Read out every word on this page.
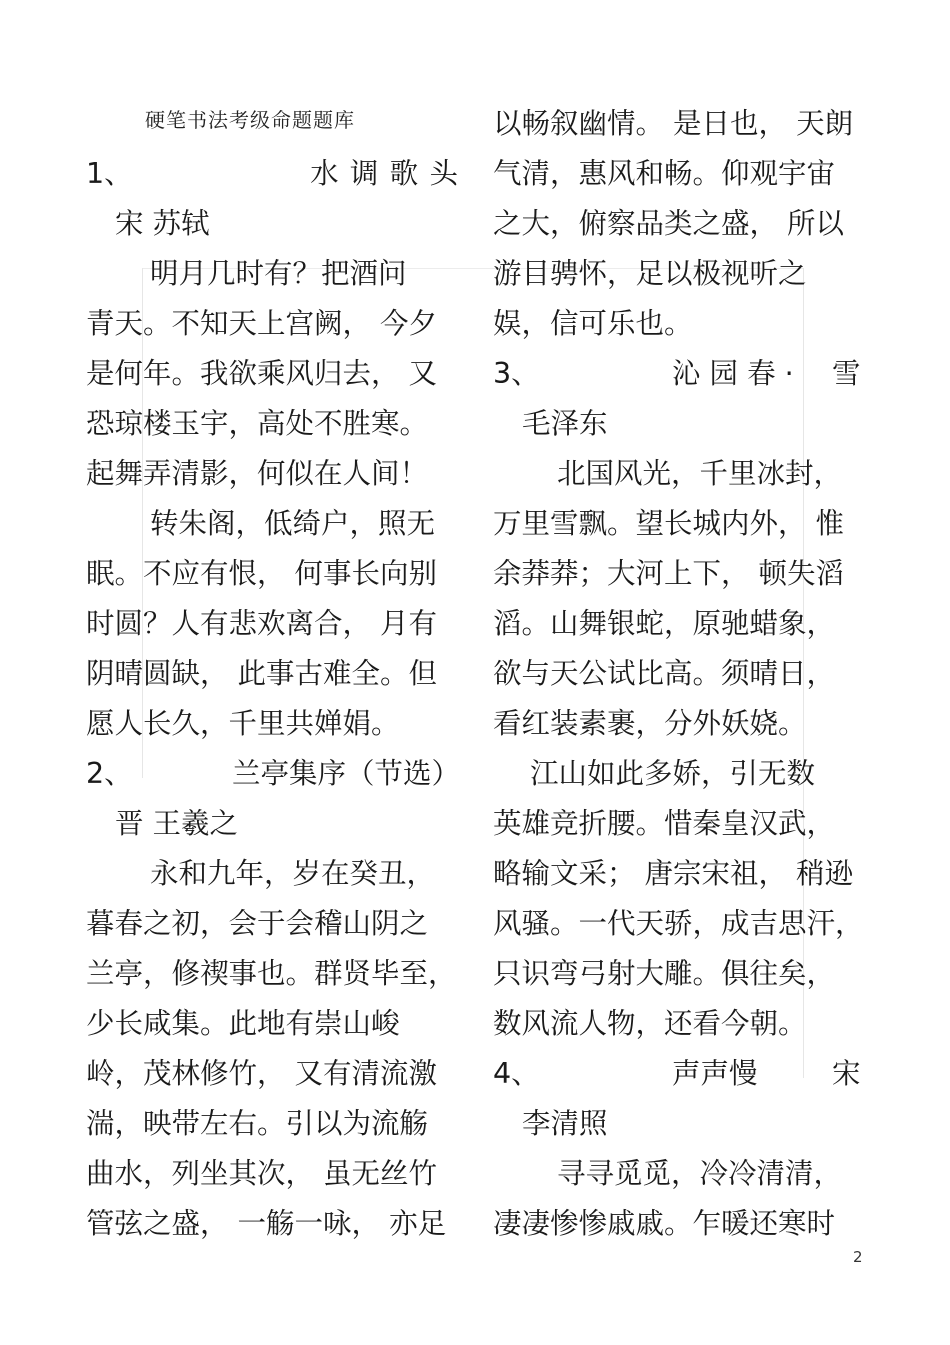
硬笔书法考级命题题库
1、	水 调 歌 头
宋 苏轼
明月几时有？把酒问
青天。不知天上宫阙， 今夕
是何年。我欲乘风归去， 又
恐琼楼玉宇，高处不胜寒。
起舞弄清影，何似在人间！
转朱阁，低绮户，照无
眠。不应有恨， 何事长向别
时圆？人有悲欢离合， 月有
阴晴圆缺， 此事古难全。但
愿人长久，千里共婵娟。
2、	兰亭集序（节选）
晋 王羲之
永和九年，岁在癸丑，
暮春之初，会于会稽山阴之
兰亭，修禊事也。群贤毕至，
少长咸集。此地有崇山峻
岭，茂林修竹， 又有清流激
湍，映带左右。引以为流觞
曲水，列坐其次， 虽无丝竹
管弦之盛， 一觞一咏， 亦足
以畅叙幽情。 是日也， 天朗
气清，惠风和畅。仰观宇宙
之大，俯察品类之盛， 所以
游目骋怀，足以极视听之
娱，信可乐也。
3、	沁 园 春 · 雪
毛泽东
北国风光，千里冰封，
万里雪飘。望长城内外， 惟
余莽莽；大河上下， 顿失滔
滔。山舞银蛇，原驰蜡象，
欲与天公试比高。须晴日，
看红装素裹，分外妖娆。
江山如此多娇，引无数
英雄竞折腰。惜秦皇汉武，
略输文采； 唐宗宋祖， 稍逊
风骚。一代天骄，成吉思汗，
只识弯弓射大雕。俱往矣，
数风流人物，还看今朝。
4、	声声慢	宋
李清照
寻寻觅觅，冷冷清清，
凄凄惨惨戚戚。乍暖还寒时
2
